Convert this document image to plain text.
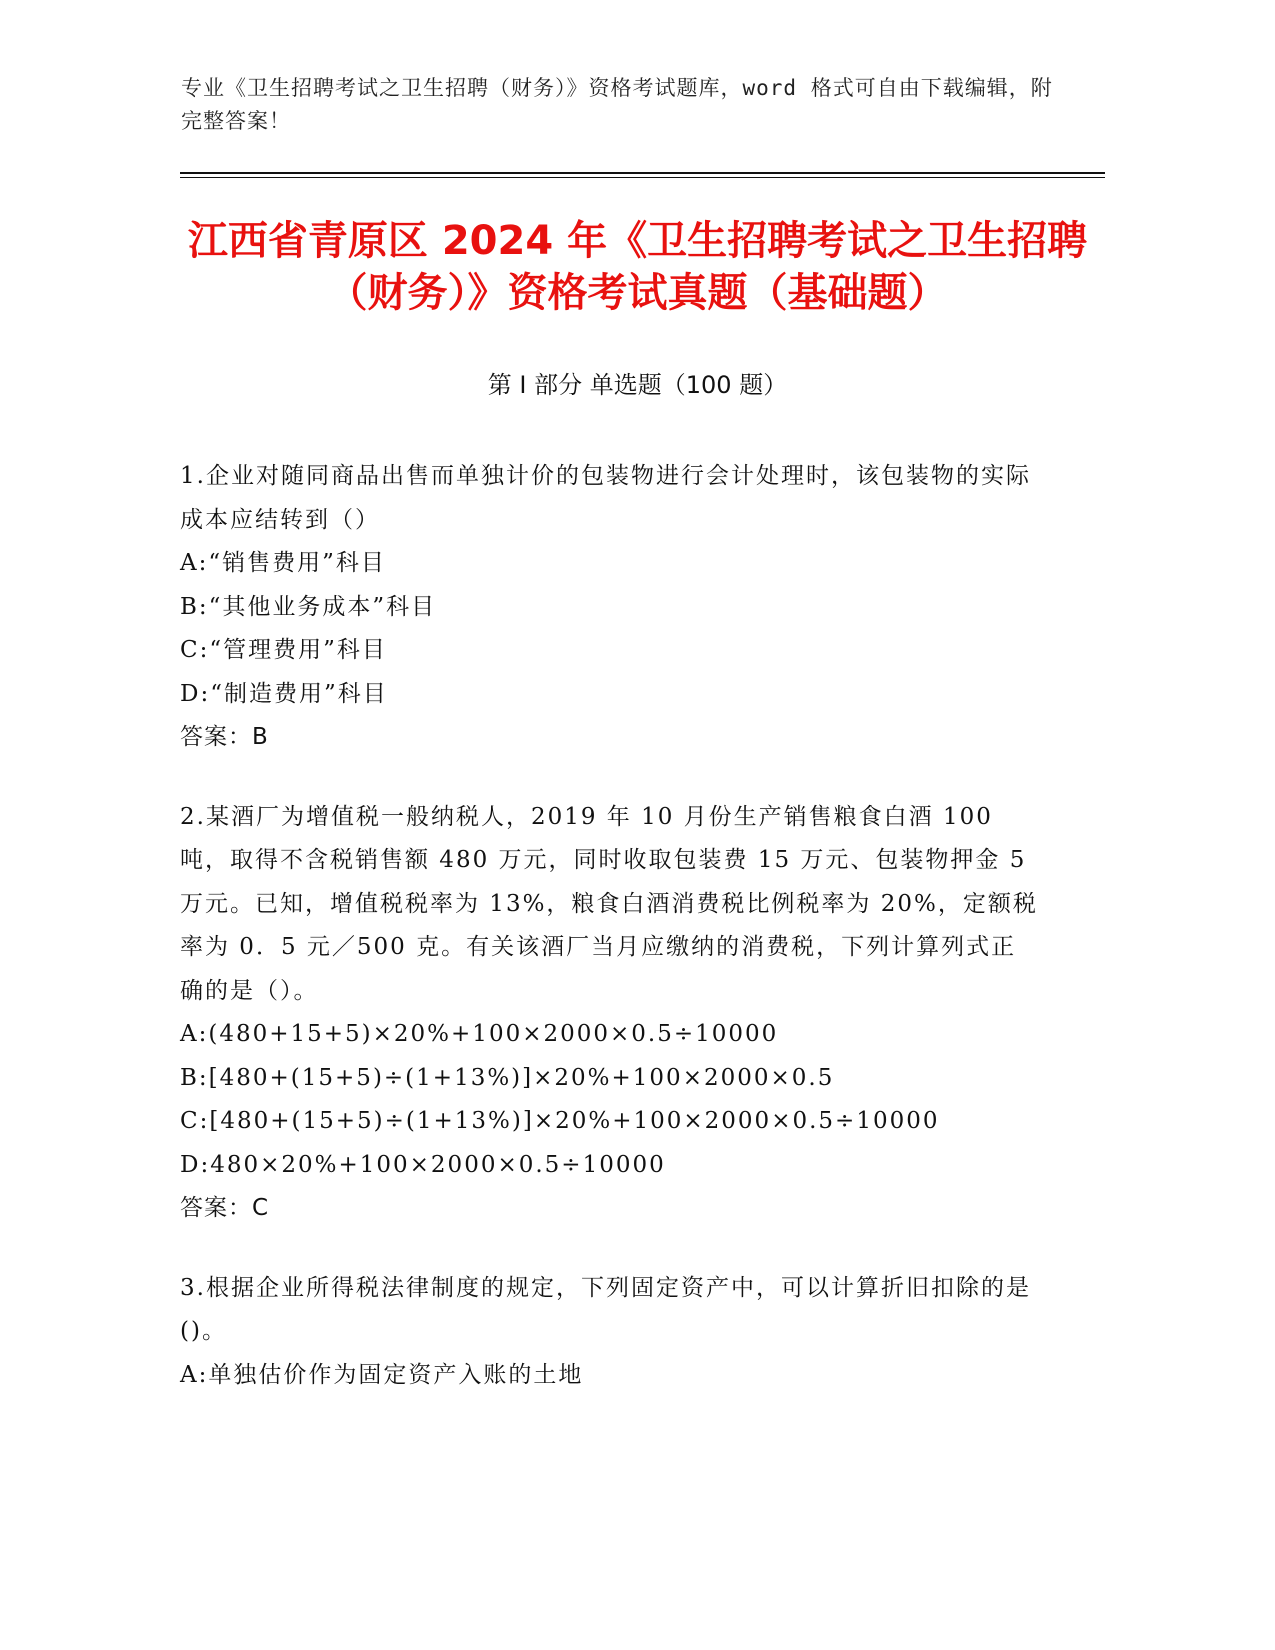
专业《卫生招聘考试之卫生招聘（财务）》资格考试题库，word 格式可自由下载编辑，附完整答案！
江西省青原区 2024 年《卫生招聘考试之卫生招聘（财务）》资格考试真题（基础题）
第 I 部分 单选题（100 题）

1.企业对随同商品出售而单独计价的包装物进行会计处理时，该包装物的实际成本应结转到（）

A:“销售费用”科目

B:“其他业务成本”科目

C:“管理费用”科目

D:“制造费用”科目

答案：B

2.某酒厂为增值税一般纳税人，2019 年 10 月份生产销售粮食白酒 100 吨，取得不含税销售额 480 万元，同时收取包装费 15 万元、包装物押金 5 万元。已知，增值税税率为 13%，粮食白酒消费税比例税率为 20%，定额税率为 0．5 元／500 克。有关该酒厂当月应缴纳的消费税，下列计算列式正确的是（）。

A:(480+15+5)×20%+100×2000×0.5÷10000

B:[480+(15+5)÷(1+13%)]×20%+100×2000×0.5

C:[480+(15+5)÷(1+13%)]×20%+100×2000×0.5÷10000

D:480×20%+100×2000×0.5÷10000

答案：C

3.根据企业所得税法律制度的规定，下列固定资产中，可以计算折旧扣除的是()。

A:单独估价作为固定资产入账的土地
